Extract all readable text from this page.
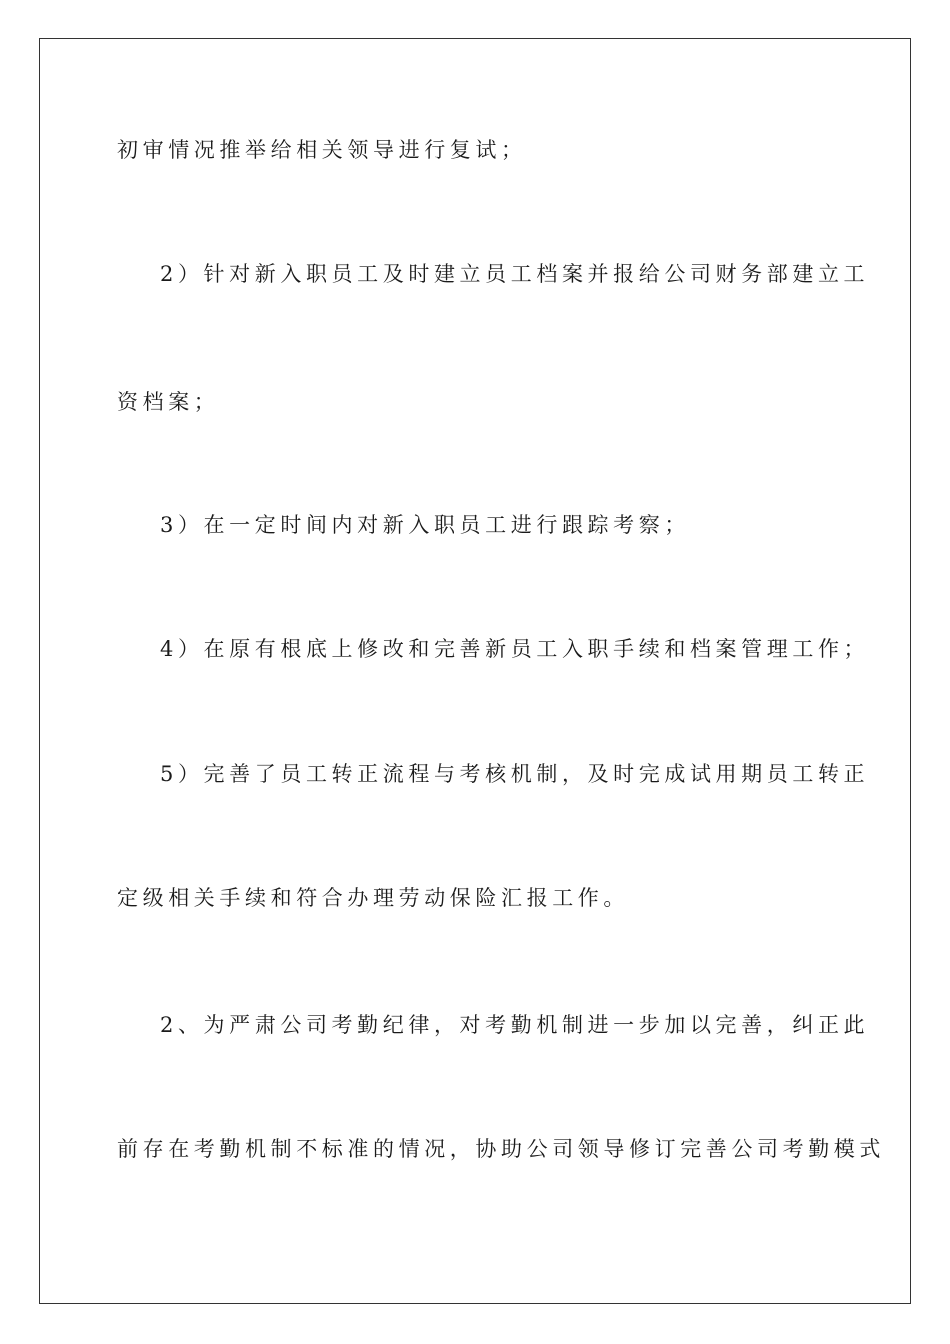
初审情况推举给相关领导进行复试；
2）针对新入职员工及时建立员工档案并报给公司财务部建立工
资档案；
3）在一定时间内对新入职员工进行跟踪考察；
4）在原有根底上修改和完善新员工入职手续和档案管理工作；
5）完善了员工转正流程与考核机制，及时完成试用期员工转正
定级相关手续和符合办理劳动保险汇报工作。
2、为严肃公司考勤纪律，对考勤机制进一步加以完善，纠正此
前存在考勤机制不标准的情况，协助公司领导修订完善公司考勤模式
